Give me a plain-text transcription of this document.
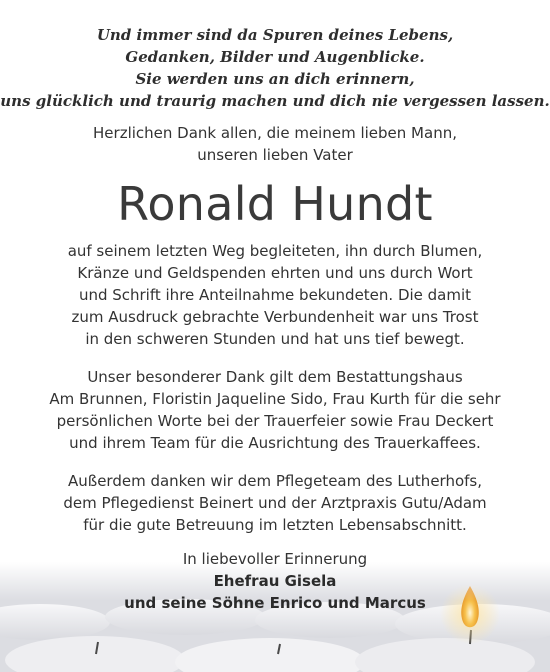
Und immer sind da Spuren deines Lebens,
Gedanken, Bilder und Augenblicke.
Sie werden uns an dich erinnern,
uns glücklich und traurig machen und dich nie vergessen lassen.
Herzlichen Dank allen, die meinem lieben Mann,
unseren lieben Vater
Ronald Hundt
auf seinem letzten Weg begleiteten, ihn durch Blumen,
Kränze und Geldspenden ehrten und uns durch Wort
und Schrift ihre Anteilnahme bekundeten. Die damit
zum Ausdruck gebrachte Verbundenheit war uns Trost
in den schweren Stunden und hat uns tief bewegt.
Unser besonderer Dank gilt dem Bestattungshaus
Am Brunnen, Floristin Jaqueline Sido, Frau Kurth für die sehr
persönlichen Worte bei der Trauerfeier sowie Frau Deckert
und ihrem Team für die Ausrichtung des Trauerkaffees.
Außerdem danken wir dem Pflegeteam des Lutherhofs,
dem Pflegedienst Beinert und der Arztpraxis Gutu/Adam
für die gute Betreuung im letzten Lebensabschnitt.
In liebevoller Erinnerung
Ehefrau Gisela
und seine Söhne Enrico und Marcus
